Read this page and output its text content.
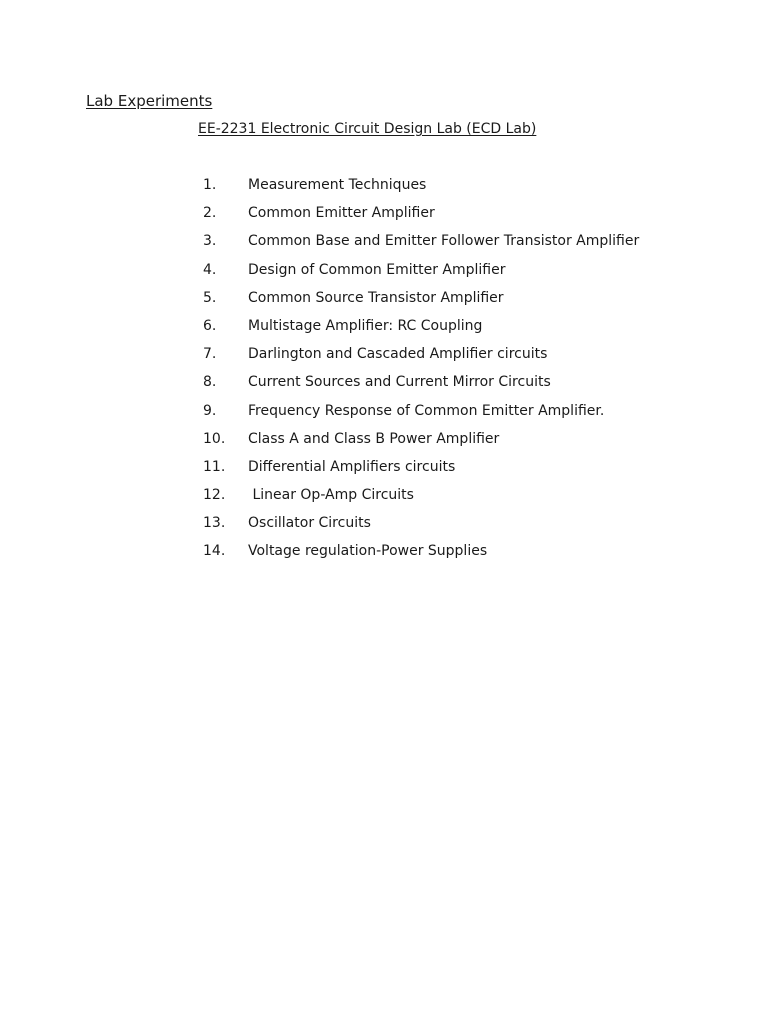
Lab Experiments
EE-2231 Electronic Circuit Design Lab (ECD Lab)
1. Measurement Techniques
2. Common Emitter Amplifier
3. Common Base and Emitter Follower Transistor Amplifier
4. Design of Common Emitter Amplifier
5. Common Source Transistor Amplifier
6. Multistage Amplifier: RC Coupling
7. Darlington and Cascaded Amplifier circuits
8. Current Sources and Current Mirror Circuits
9. Frequency Response of Common Emitter Amplifier.
10. Class A and Class B Power Amplifier
11. Differential Amplifiers circuits
12. Linear Op-Amp Circuits
13. Oscillator Circuits
14. Voltage regulation-Power Supplies
